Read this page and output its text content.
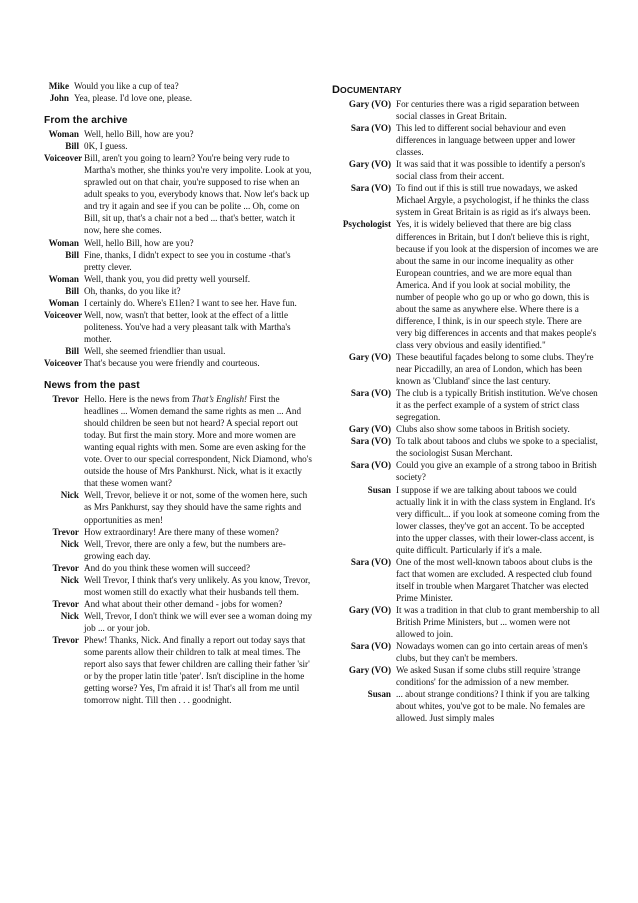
Mike Would you like a cup of tea?
John Yea, please. I'd love one, please.
From the archive
Woman Well, hello Bill, how are you?
Bill 0K, I guess.
Voiceover Bill, aren't you going to learn? You're being very rude to Martha's mother, she thinks you're very impolite. Look at you, sprawled out on that chair, you're supposed to rise when an adult speaks to you, everybody knows that. Now let's back up and try it again and see if you can be polite ... Oh, come on Bill, sit up, that's a chair not a bed ... that's better, watch it now, here she comes.
Woman Well, hello Bill, how are you?
Bill Fine, thanks, I didn't expect to see you in costume -that's pretty clever.
Woman Well, thank you, you did pretty well yourself.
Bill Oh, thanks, do you like it?
Woman I certainly do. Where's E1len? I want to see her. Have fun.
Voiceover Well, now, wasn't that better, look at the effect of a little politeness. You've had a very pleasant talk with Martha's mother.
Bill Well, she seemed friendlier than usual.
Voiceover That's because you were friendly and courteous.
News from the past
Trevor Hello. Here is the news from That’s English! First the headlines ... Women demand the same rights as men ... And should children be seen but not heard? A special report out today. But first the main story. More and more women are wanting equal rights with men. Some are even asking for the vote. Over to our special correspondent, Nick Diamond, who's outside the house of Mrs Pankhurst. Nick, what is it exactly that these women want?
Nick Well, Trevor, believe it or not, some of the women here, such as Mrs Pankhurst, say they should have the same rights and opportunities as men!
Trevor How extraordinary! Are there many of these women?
Nick Well, Trevor, there are only a few, but the numbers are-growing each day.
Trevor And do you think these women will succeed?
Nick Well Trevor, I think that's very unlikely. As you know, Trevor, most women still do exactly what their husbands tell them.
Trevor And what about their other demand - jobs for women?
Nick Well, Trevor, I don't think we will ever see a woman doing my job ... or your job.
Trevor Phew! Thanks, Nick. And finally a report out today says that some parents allow their children to talk at meal times. The report also says that fewer children are calling their father 'sir' or by the proper latin title 'pater'. Isn't discipline in the home getting worse? Yes, I'm afraid it is! That's all from me until tomorrow night. Till then . . . goodnight.
DOCUMENTARY
Gary (VO) For centuries there was a rigid separation between social classes in Great Britain.
Sara (VO) This led to different social behaviour and even differences in language between upper and lower classes.
Gary (VO) It was said that it was possible to identify a person's social class from their accent.
Sara (VO) To find out if this is still true nowadays, we asked Michael Argyle, a psychologist, if he thinks the class system in Great Britain is as rigid as it's always been.
Psychologist Yes, it is widely believed that there are big class differences in Britain, but I don't believe this is right, because if you look at the dispersion of incomes we are about the same in our income inequality as other European countries, and we are more equal than America. And if you look at social mobility, the number of people who go up or who go down, this is about the same as anywhere else. Where there is a difference, I think, is in our speech style. There are very big differences in accents and that makes people's class very obvious and easily identified."
Gary (VO) These beautiful façades belong to some clubs. They're near Piccadilly, an area of London, which has been known as 'Clubland' since the last century.
Sara (VO) The club is a typically British institution. We've chosen it as the perfect example of a system of strict class segregation.
Gary (VO) Clubs also show some taboos in British society.
Sara (VO) To talk about taboos and clubs we spoke to a specialist, the sociologist Susan Merchant.
Sara (VO) Could you give an example of a strong taboo in British society?
Susan I suppose if we are talking about taboos we could actually link it in with the class system in England. It's very difficult... if you look at someone coming from the lower classes, they've got an accent. To be accepted into the upper classes, with their lower-class accent, is quite difficult. Particularly if it's a male.
Sara (VO) One of the most well-known taboos about clubs is the fact that women are excluded. A respected club found itself in trouble when Margaret Thatcher was elected Prime Minister.
Gary (VO) It was a tradition in that club to grant membership to all British Prime Ministers, but ... women were not allowed to join.
Sara (VO) Nowadays women can go into certain areas of men's clubs, but they can't be members.
Gary (VO) We asked Susan if some clubs still require 'strange conditions' for the admission of a new member.
Susan ... about strange conditions? I think if you are talking about whites, you've got to be male. No females are allowed. Just simply males
